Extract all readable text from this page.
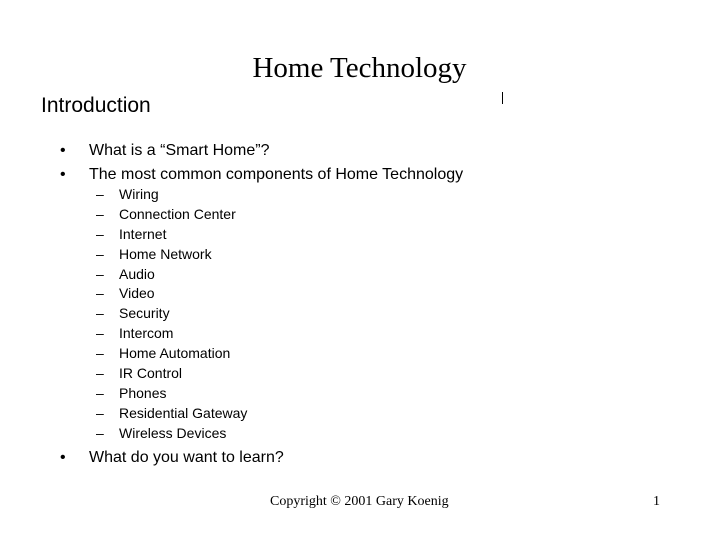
Home Technology
Introduction
• What is a “Smart Home”?
• The most common components of Home Technology
– Wiring
– Connection Center
– Internet
– Home Network
– Audio
– Video
– Security
– Intercom
– Home Automation
– IR Control
– Phones
– Residential Gateway
– Wireless Devices
• What do you want to learn?
Copyright © 2001 Gary Koenig	1
